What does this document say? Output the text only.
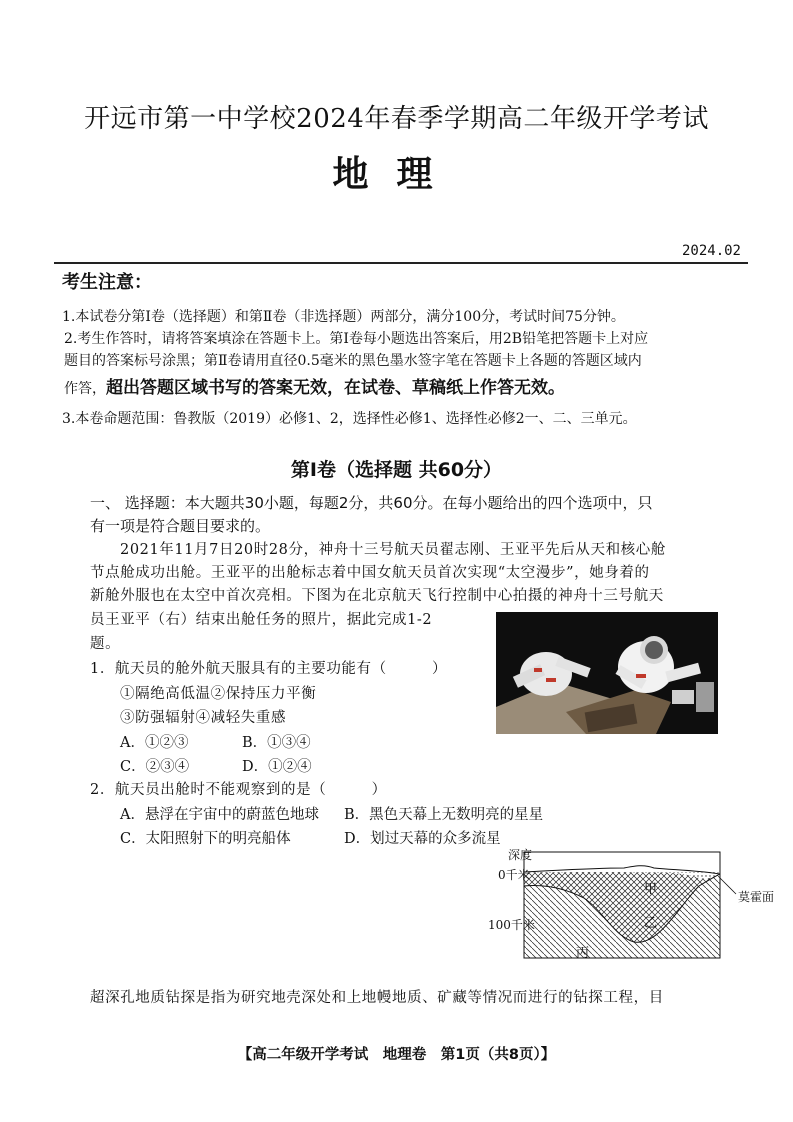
开远市第一中学校2024年春季学期高二年级开学考试
地理
2024.02
考生注意：
1.本试卷分第Ⅰ卷（选择题）和第Ⅱ卷（非选择题）两部分，满分100分，考试时间75分钟。
2.考生作答时，请将答案填涂在答题卡上。第Ⅰ卷每小题选出答案后，用2B铅笔把答题卡上对应
题目的答案标号涂黑；第Ⅱ卷请用直径0.5毫米的黑色墨水签字笔在答题卡上各题的答题区域内
作答，超出答题区域书写的答案无效，在试卷、草稿纸上作答无效。
3.本卷命题范围：鲁教版（2019）必修1、2，选择性必修1、选择性必修2一、二、三单元。
第Ⅰ卷（选择题 共60分）
一、 选择题：本大题共30小题，每题2分，共60分。在每小题给出的四个选项中，只
有一项是符合题目要求的。
2021年11月7日20时28分，神舟十三号航天员翟志刚、王亚平先后从天和核心舱
节点舱成功出舱。王亚平的出舱标志着中国女航天员首次实现“太空漫步”，她身着的
新舱外服也在太空中首次亮相。下图为在北京航天飞行控制中心拍摄的神舟十三号航天
员王亚平（右）结束出舱任务的照片，据此完成1-2
题。
1．航天员的舱外航天服具有的主要功能有（　　　）
①隔绝高低温②保持压力平衡
③防强辐射④减轻失重感
A．①②③	B．①③④
C．②③④	D．①②④
2．航天员出舱时不能观察到的是（　　　）
A．悬浮在宇宙中的蔚蓝色地球 B．黑色天幕上无数明亮的星星
C．太阳照射下的明亮船体	D．划过天幕的众多流星
深度
0千米
100千米
甲
乙
丙
莫霍面
超深孔地质钻探是指为研究地壳深处和上地幔地质、矿藏等情况而进行的钻探工程，目
【高二年级开学考试　地理卷　第1页（共8页）】
